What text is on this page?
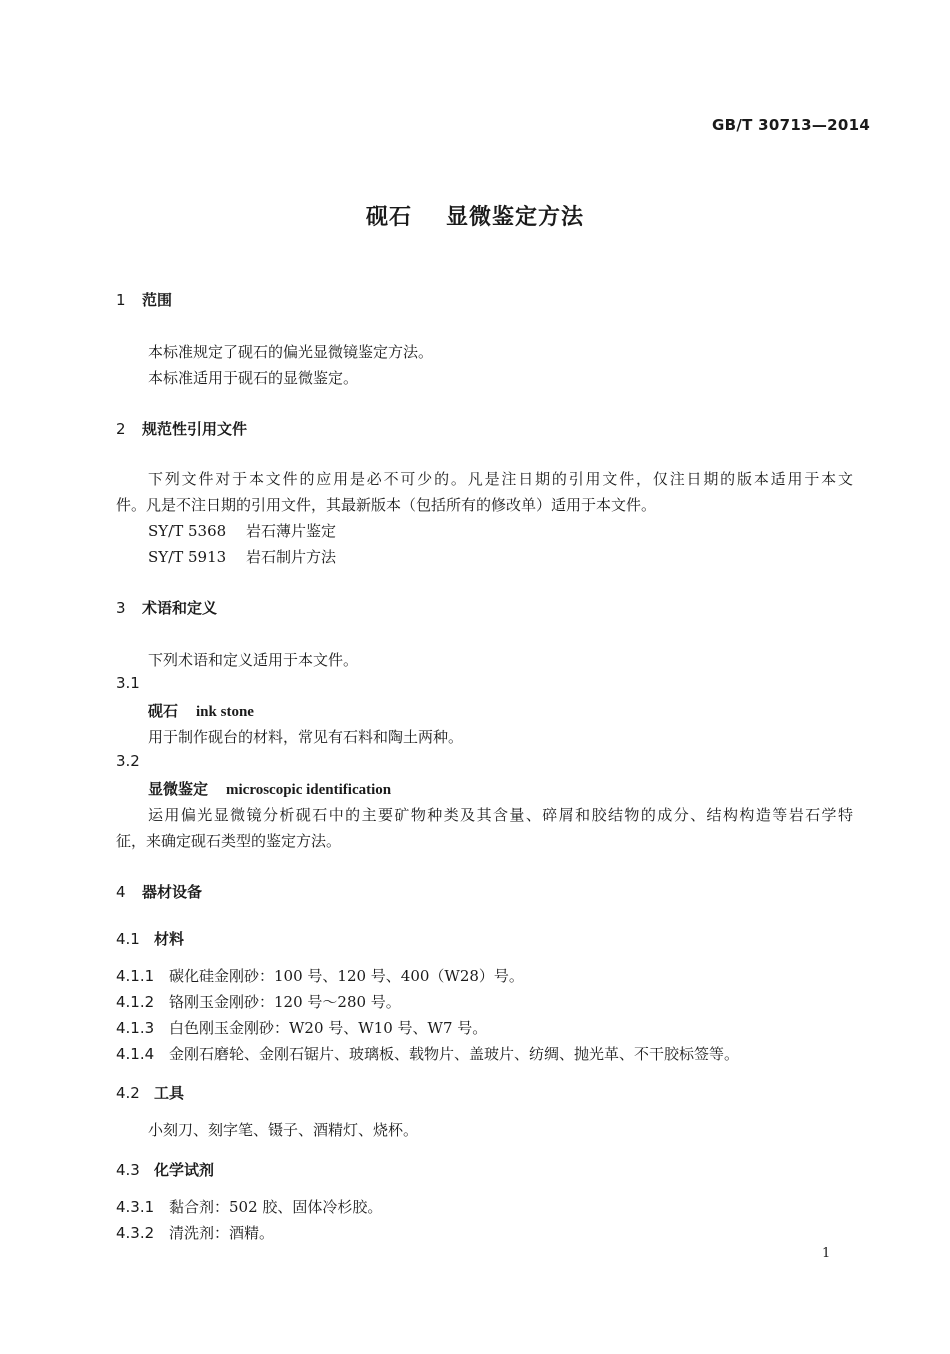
GB/T 30713—2014
砚石 显微鉴定方法
1 范围
本标准规定了砚石的偏光显微镜鉴定方法。
本标准适用于砚石的显微鉴定。
2 规范性引用文件
下列文件对于本文件的应用是必不可少的。凡是注日期的引用文件，仅注日期的版本适用于本文
件。凡是不注日期的引用文件，其最新版本（包括所有的修改单）适用于本文件。
SY/T 5368 岩石薄片鉴定
SY/T 5913 岩石制片方法
3 术语和定义
下列术语和定义适用于本文件。
3.1
砚石 ink stone
用于制作砚台的材料，常见有石料和陶土两种。
3.2
显微鉴定 microscopic identification
运用偏光显微镜分析砚石中的主要矿物种类及其含量、碎屑和胶结物的成分、结构构造等岩石学特
征，来确定砚石类型的鉴定方法。
4 器材设备
4.1 材料
4.1.1 碳化硅金刚砂：100 号、120 号、400（W28）号。
4.1.2 铬刚玉金刚砂：120 号～280 号。
4.1.3 白色刚玉金刚砂：W20 号、W10 号、W7 号。
4.1.4 金刚石磨轮、金刚石锯片、玻璃板、载物片、盖玻片、纺绸、抛光革、不干胶标签等。
4.2 工具
小刻刀、刻字笔、镊子、酒精灯、烧杯。
4.3 化学试剂
4.3.1 黏合剂：502 胶、固体冷杉胶。
4.3.2 清洗剂：酒精。
1
